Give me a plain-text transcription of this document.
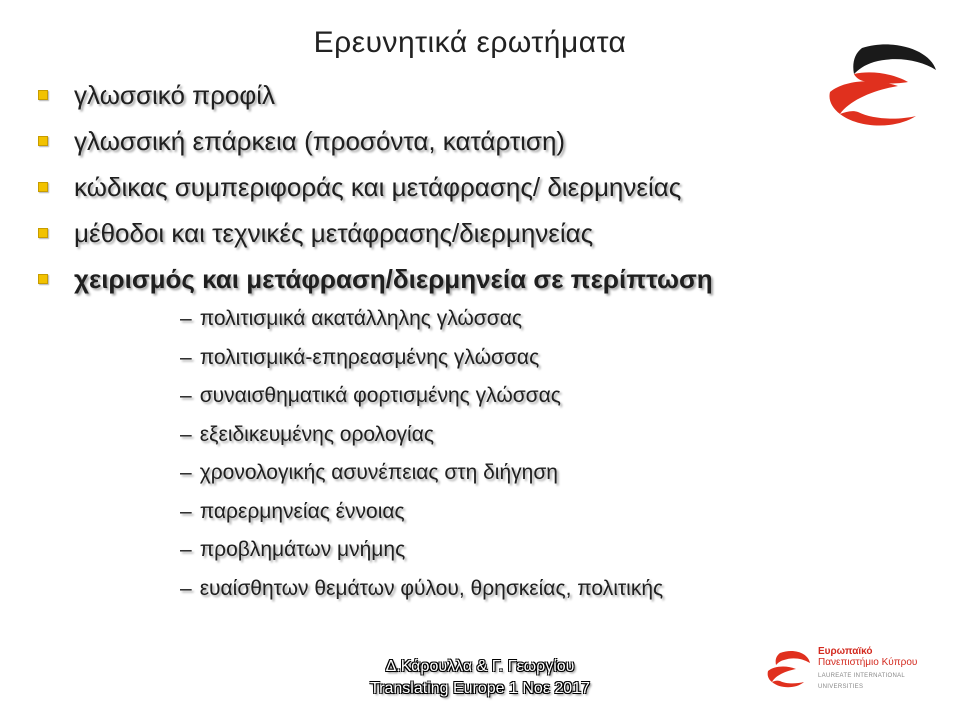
Ερευνητικά ερωτήματα
γλωσσικό προφίλ
γλωσσική επάρκεια (προσόντα, κατάρτιση)
κώδικας συμπεριφοράς και μετάφρασης/ διερμηνείας
μέθοδοι και τεχνικές μετάφρασης/διερμηνείας
χειρισμός και μετάφραση/διερμηνεία σε περίπτωση
– πολιτισμικά ακατάλληλης γλώσσας
– πολιτισμικά-επηρεασμένης γλώσσας
– συναισθηματικά φορτισμένης γλώσσας
– εξειδικευμένης ορολογίας
– χρονολογικής ασυνέπειας στη διήγηση
– παρερμηνείας έννοιας
– προβλημάτων μνήμης
– ευαίσθητων θεμάτων φύλου, θρησκείας, πολιτικής
Δ.Κάρουλλα & Γ. Γεωργίου
Translating Europe 1 Νοε 2017
Ευρωπαϊκό
Πανεπιστήμιο Κύπρου
LAUREATE INTERNATIONAL UNIVERSITIES
